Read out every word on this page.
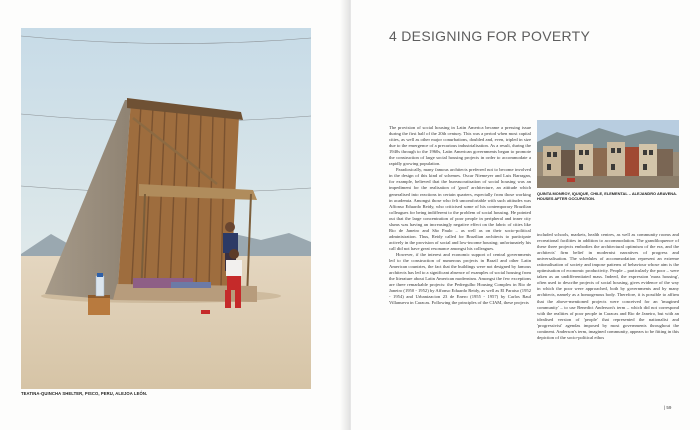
TEATINA-QUINCHA SHELTER, PISCO, PERU, ALEJOA LEÓN.
4 DESIGNING FOR POVERTY

The provision of social housing in Latin America became a pressing issue during the first half of the 20th century. This was a period when most capital cities, as well as other major conurbations, doubled and, even, tripled in size due to the emergence of a precarious industrialisation. As a result, during the 1940s through to the 1960s, Latin American governments began to promote the construction of large social housing projects in order to accommodate a rapidly growing population.

Paradoxically, many famous architects preferred not to become involved in the design of this kind of schemes. Oscar Niemeyer and Luis Barragan, for example, believed that the bureaucratisation of social housing was an impediment for the realisation of 'good' architecture, an attitude which generalised into reactions in certain quarters, especially from those working in academia. Amongst those who felt uncomfortable with such attitudes was Affonso Eduardo Reidy, who criticised some of his contemporary Brazilian colleagues for being indifferent to the problem of social housing. He pointed out that the large concentration of poor people in peripheral and inner city slums was having an increasingly negative effect on the fabric of cities like Rio de Janeiro and São Paulo – as well as on their socio-political administration. Thus, Reidy called for Brazilian architects to participate actively in the provision of social and low-income housing; unfortunately his call did not have great resonance amongst his colleagues.

However, if the interest and economic support of central governments led to the construction of numerous projects in Brazil and other Latin American countries, the fact that the buildings were not designed by famous architects has led to a significant absence of examples of social housing from the literature about Latin American modernism. Amongst the few exceptions are three remarkable projects: the Pedregulho Housing Complex in Rio de Janeiro (1950 - 1952) by Affonso Eduardo Reidy, as well as El Paraiso (1952 - 1954) and Urbanizacion 23 de Enero (1955 - 1957) by Carlos Raul Villanueva in Caracas. Following the principles of the CIAM, these projects

QUINTA MONROY, IQUIQUE, CHILE, ELEMENTAL – ALEJANDRO ARAVENA. HOUSES AFTER OCCUPATION.

included schools, markets, health centres, as well as community rooms and recreational facilities in addition to accommodation. The grandiloquence of these three projects embodies the architectural optimism of the era, and the architects' firm belief in modernist narratives of progress and universalisation. The schedules of accommodation represent an extreme rationalisation of society and impose patterns of behaviour whose aim is the optimisation of economic productivity. People – particularly the poor – were taken as an undifferentiated mass. Indeed, the expression 'mass housing', often used to describe projects of social housing, gives evidence of the way in which the poor were approached, both by governments and by many architects, namely as a homogenous body. Therefore, it is possible to affirm that the above-mentioned projects were conceived for an 'imagined community' – to use Benedict Anderson's term – which did not correspond with the realities of poor people in Caracas and Rio de Janeiro, but with an idealised version of 'people' that represented the nationalist and 'progressivist' agendas imposed by most governments throughout the continent. Anderson's term, imagined community, appears to be fitting in this depiction of the socio-political ethos

| 59
